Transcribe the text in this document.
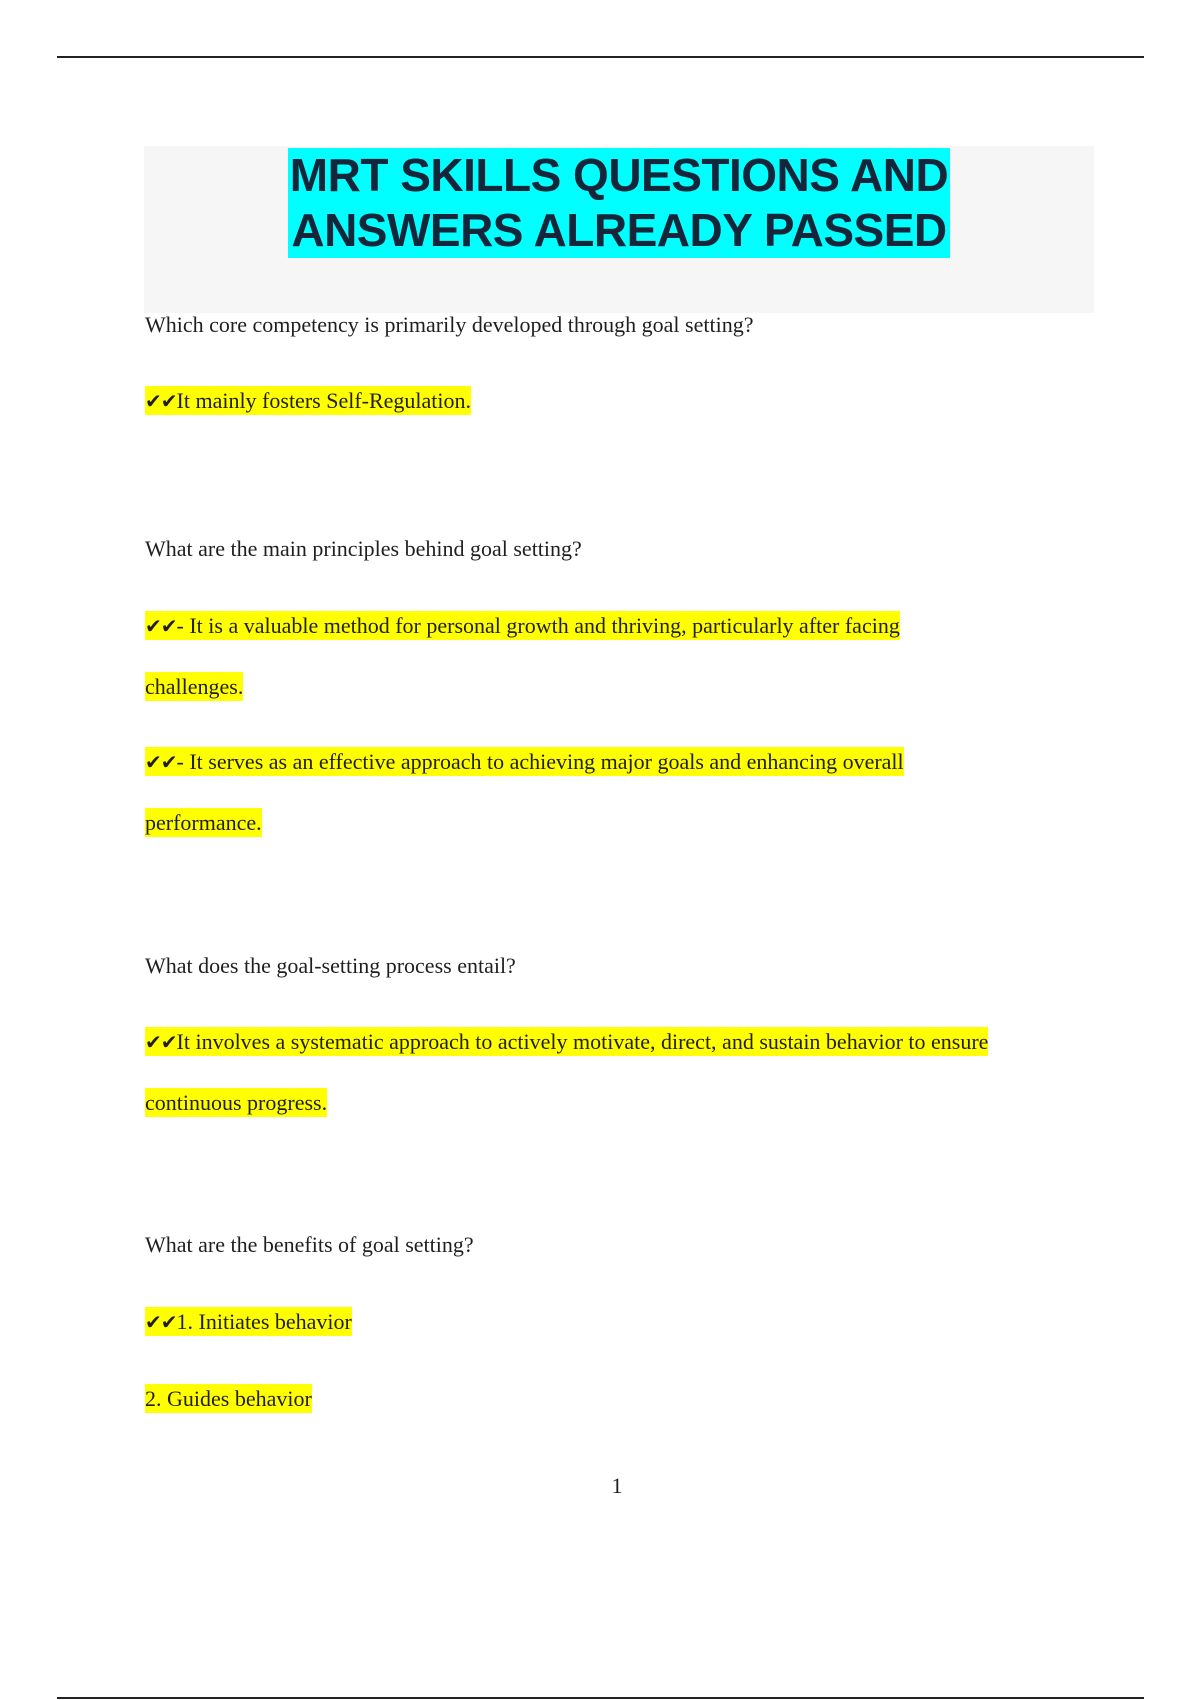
MRT SKILLS QUESTIONS AND
ANSWERS ALREADY PASSED
Which core competency is primarily developed through goal setting?
✔✔It mainly fosters Self-Regulation.
What are the main principles behind goal setting?
✔✔- It is a valuable method for personal growth and thriving, particularly after facing
challenges.
✔✔- It serves as an effective approach to achieving major goals and enhancing overall
performance.
What does the goal-setting process entail?
✔✔It involves a systematic approach to actively motivate, direct, and sustain behavior to ensure
continuous progress.
What are the benefits of goal setting?
✔✔1. Initiates behavior
2. Guides behavior
1
